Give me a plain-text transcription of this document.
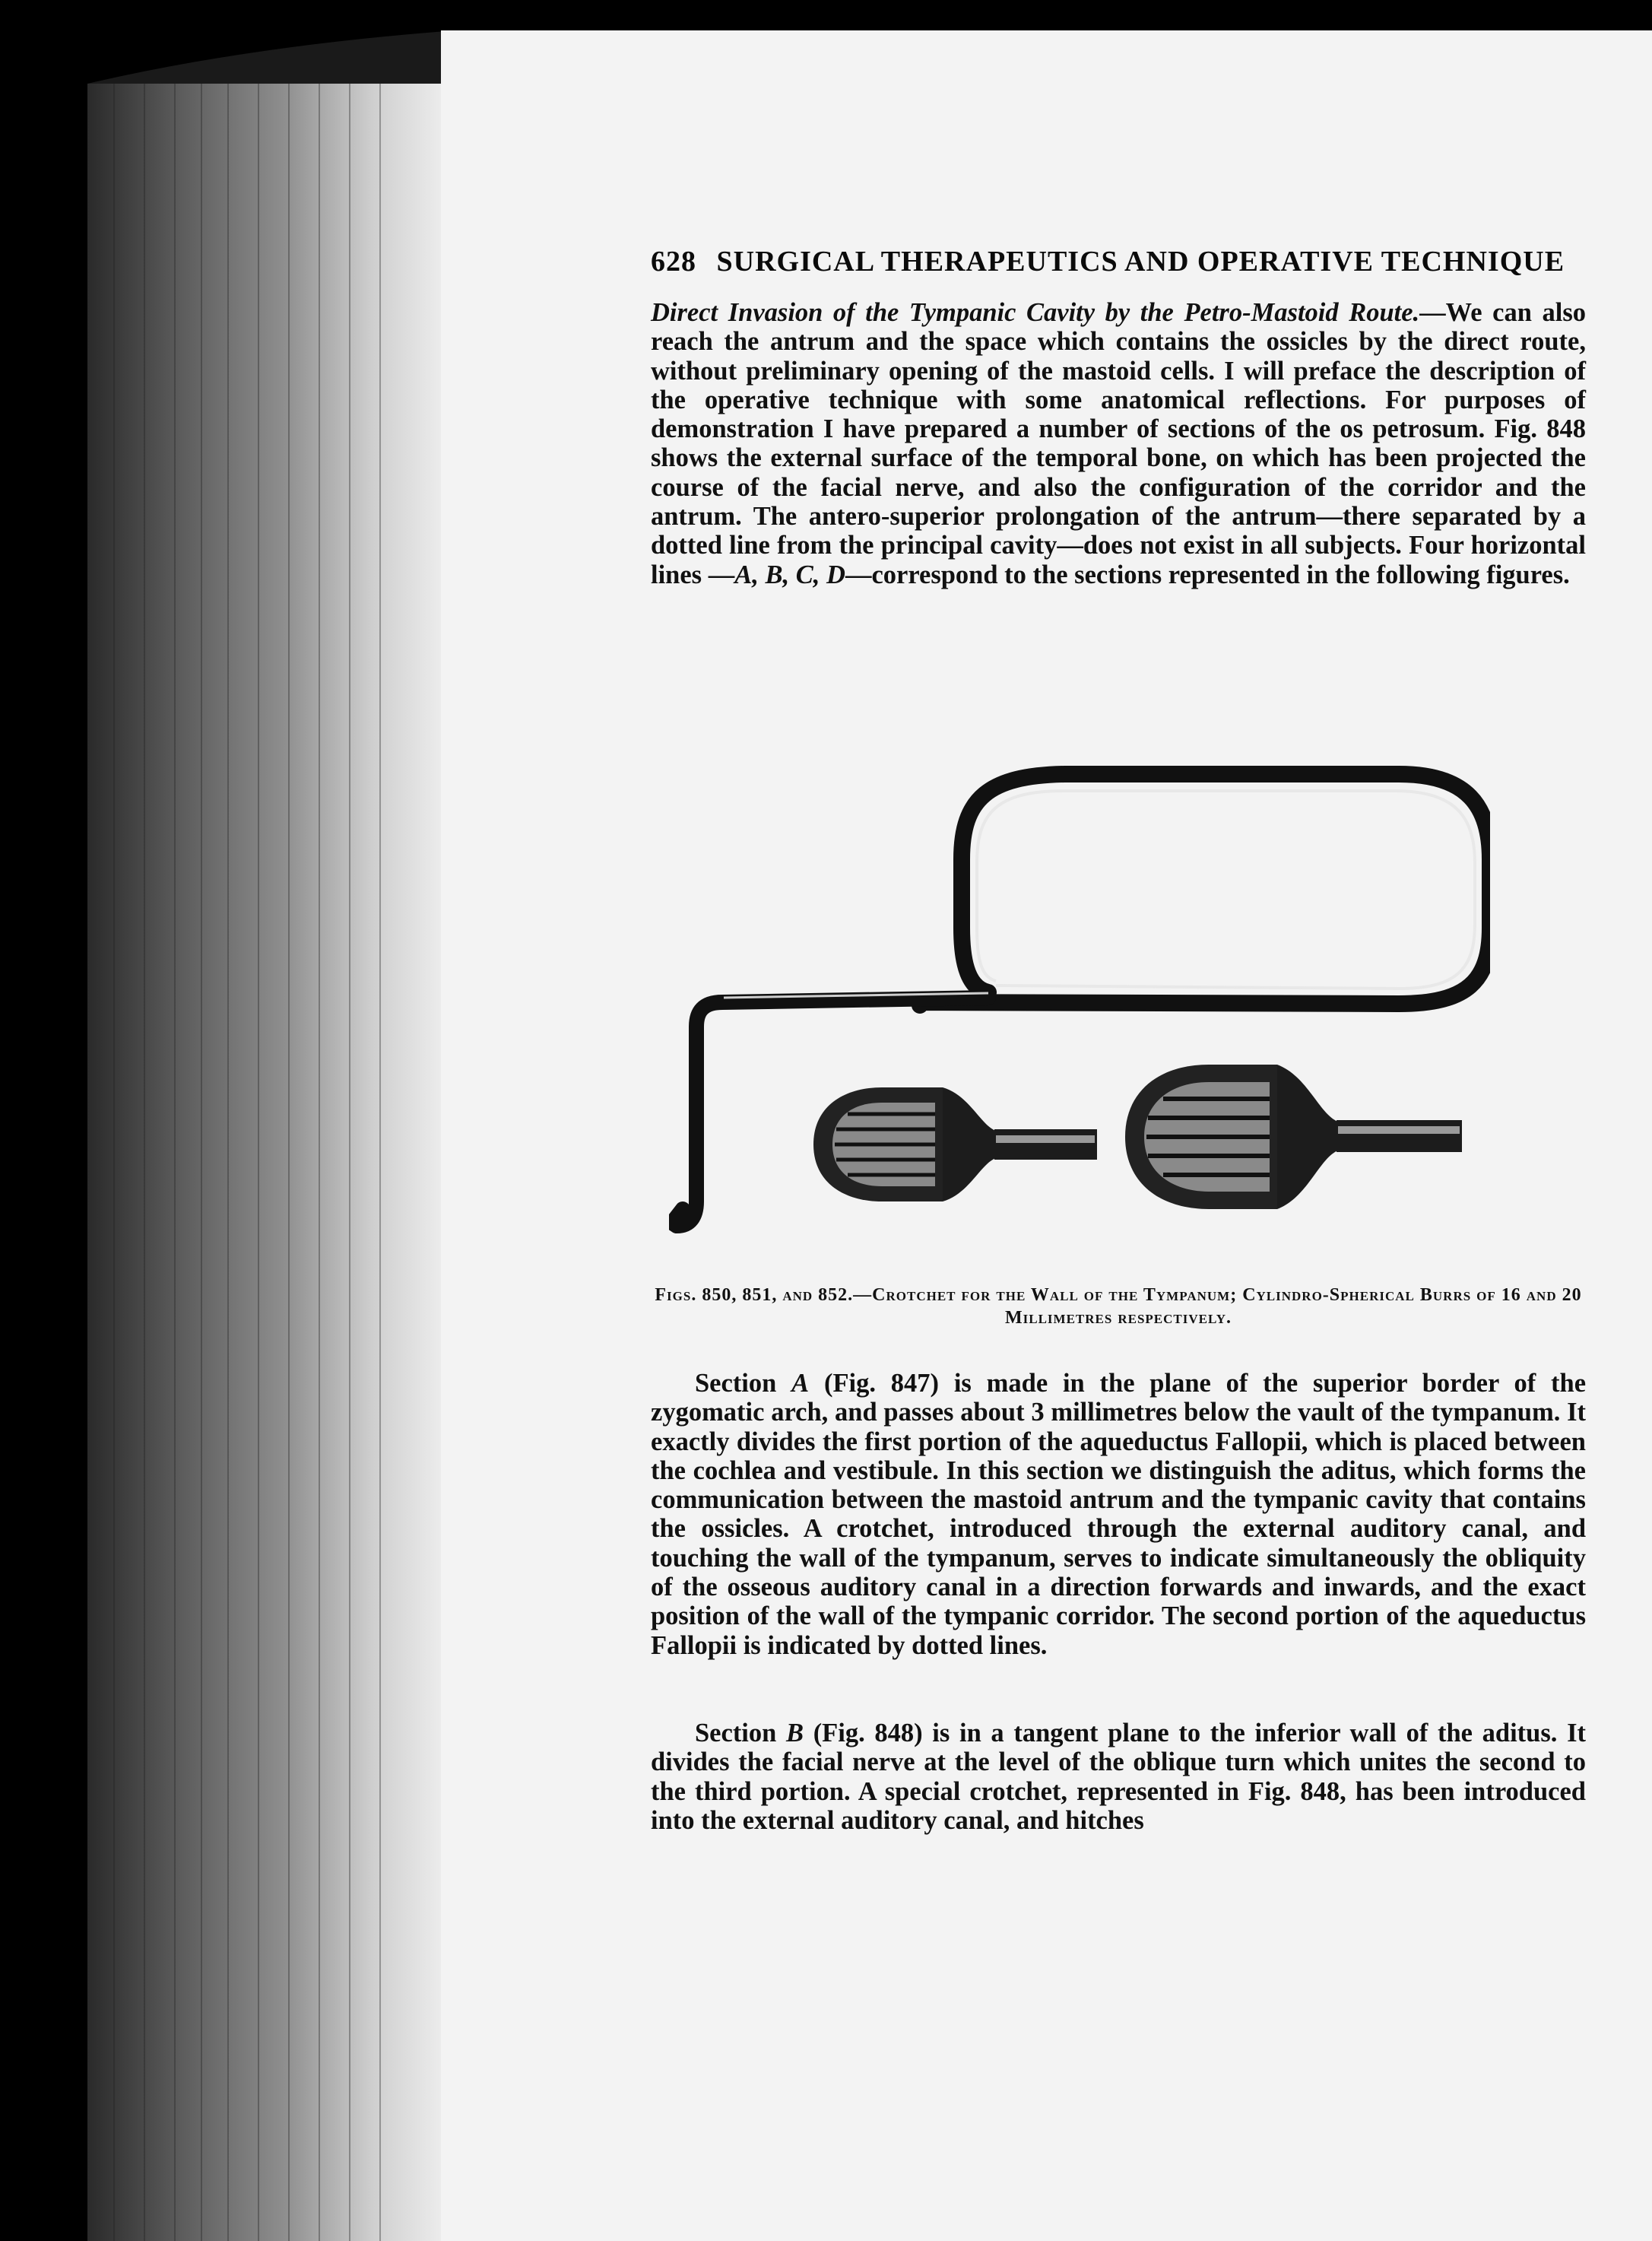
628 SURGICAL THERAPEUTICS AND OPERATIVE TECHNIQUE
Direct Invasion of the Tympanic Cavity by the Petro-Mastoid Route.—We can also reach the antrum and the space which contains the ossicles by the direct route, without preliminary opening of the mastoid cells. I will preface the description of the operative technique with some anatomical reflections. For purposes of demonstration I have prepared a number of sections of the os petrosum. Fig. 848 shows the external surface of the temporal bone, on which has been projected the course of the facial nerve, and also the configuration of the corridor and the antrum. The antero-superior prolongation of the antrum—there separated by a dotted line from the principal cavity—does not exist in all subjects. Four horizontal lines —A, B, C, D—correspond to the sections represented in the following figures.
Figs. 850, 851, and 852.—Crotchet for the Wall of the Tympanum; Cylindro-Spherical Burrs of 16 and 20 Millimetres respectively.
Section A (Fig. 847) is made in the plane of the superior border of the zygomatic arch, and passes about 3 millimetres below the vault of the tympanum. It exactly divides the first portion of the aqueductus Fallopii, which is placed between the cochlea and vestibule. In this section we distinguish the aditus, which forms the communication between the mastoid antrum and the tympanic cavity that contains the ossicles. A crotchet, introduced through the external auditory canal, and touching the wall of the tympanum, serves to indicate simultaneously the obliquity of the osseous auditory canal in a direction forwards and inwards, and the exact position of the wall of the tympanic corridor. The second portion of the aqueductus Fallopii is indicated by dotted lines.
Section B (Fig. 848) is in a tangent plane to the inferior wall of the aditus. It divides the facial nerve at the level of the oblique turn which unites the second to the third portion. A special crotchet, represented in Fig. 848, has been introduced into the external auditory canal, and hitches
